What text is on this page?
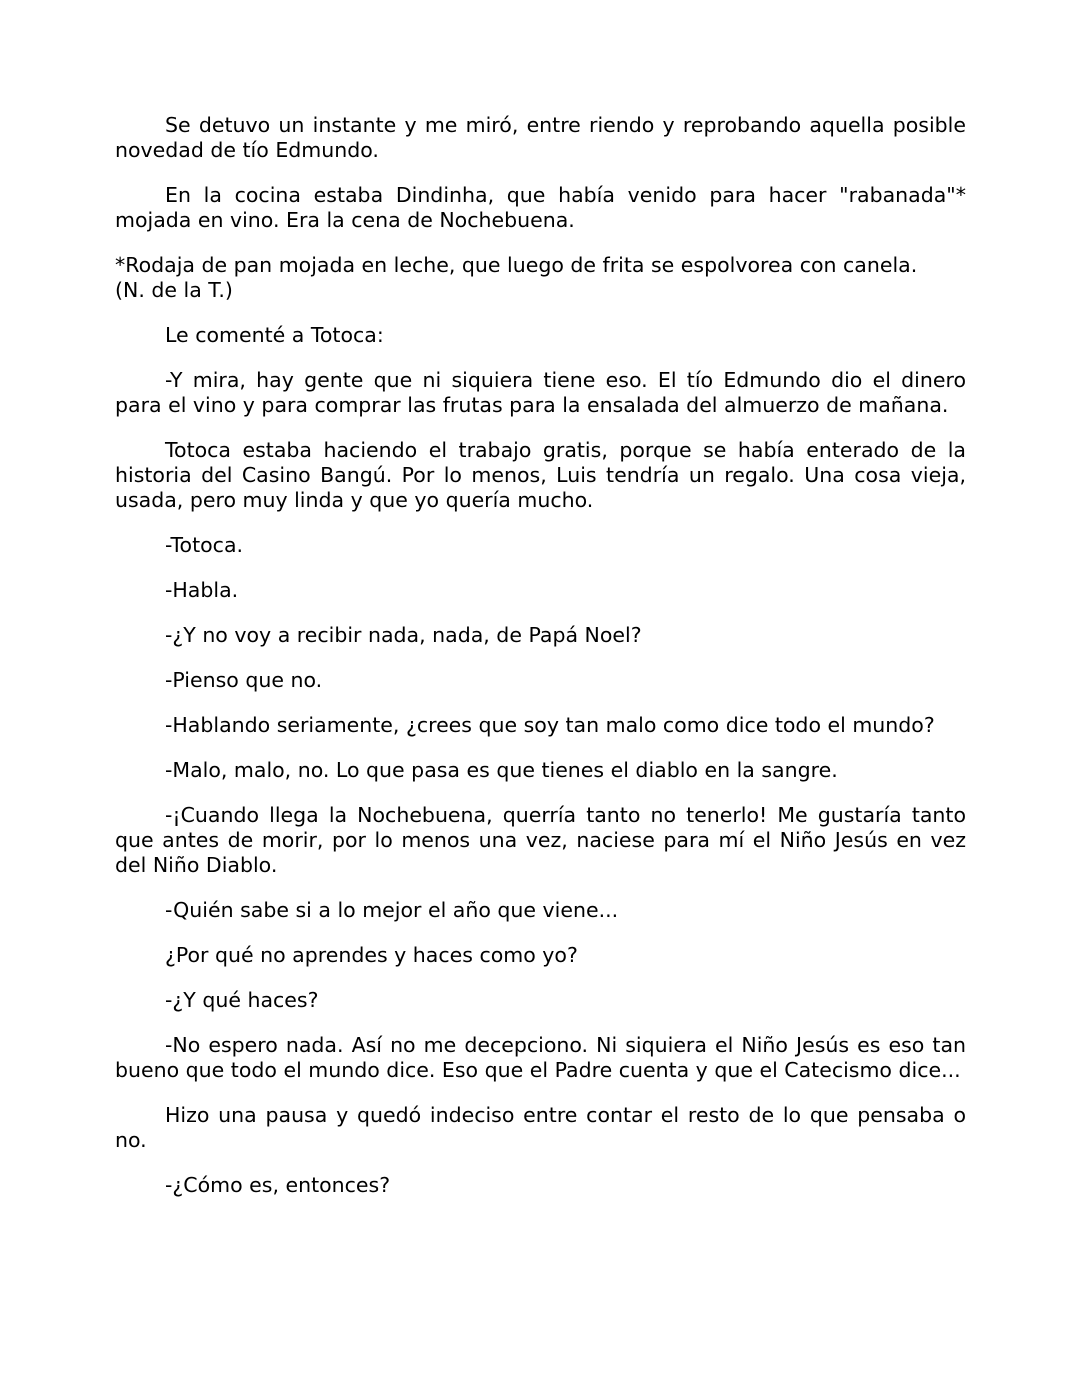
Se detuvo un instante y me miró, entre riendo y reprobando aquella posible novedad de tío Edmundo.

En la cocina estaba Dindinha, que había venido para hacer "rabanada"* mojada en vino. Era la cena de Nochebuena.

*Rodaja de pan mojada en leche, que luego de frita se espolvorea con canela.
(N. de la T.)

Le comenté a Totoca:

-Y mira, hay gente que ni siquiera tiene eso. El tío Edmundo dio el dinero para el vino y para comprar las frutas para la ensalada del almuerzo de mañana.

Totoca estaba haciendo el trabajo gratis, porque se había enterado de la historia del Casino Bangú. Por lo menos, Luis tendría un regalo. Una cosa vieja, usada, pero muy linda y que yo quería mucho.

-Totoca.

-Habla.

-¿Y no voy a recibir nada, nada, de Papá Noel?

-Pienso que no.

-Hablando seriamente, ¿crees que soy tan malo como dice todo el mundo?

-Malo, malo, no. Lo que pasa es que tienes el diablo en la sangre.

-¡Cuando llega la Nochebuena, querría tanto no tenerlo! Me gustaría tanto que antes de morir, por lo menos una vez, naciese para mí el Niño Jesús en vez del Niño Diablo.

-Quién sabe si a lo mejor el año que viene...

¿Por qué no aprendes y haces como yo?

-¿Y qué haces?

-No espero nada. Así no me decepciono. Ni siquiera el Niño Jesús es eso tan bueno que todo el mundo dice. Eso que el Padre cuenta y que el Catecismo dice...

Hizo una pausa y quedó indeciso entre contar el resto de lo que pensaba o no.

-¿Cómo es, entonces?
